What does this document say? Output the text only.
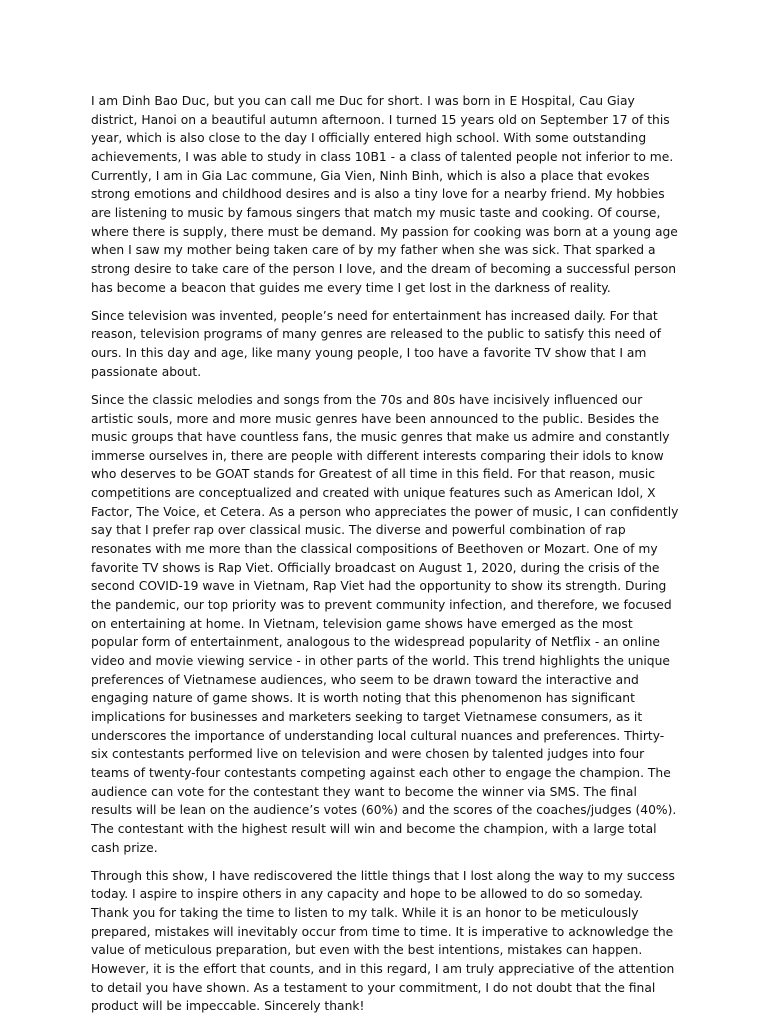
I am Dinh Bao Duc, but you can call me Duc for short. I was born in E Hospital, Cau Giay district, Hanoi on a beautiful autumn afternoon. I turned 15 years old on September 17 of this year, which is also close to the day I officially entered high school. With some outstanding achievements, I was able to study in class 10B1 - a class of talented people not inferior to me. Currently, I am in Gia Lac commune, Gia Vien, Ninh Binh, which is also a place that evokes strong emotions and childhood desires and is also a tiny love for a nearby friend. My hobbies are listening to music by famous singers that match my music taste and cooking. Of course, where there is supply, there must be demand. My passion for cooking was born at a young age when I saw my mother being taken care of by my father when she was sick. That sparked a strong desire to take care of the person I love, and the dream of becoming a successful person has become a beacon that guides me every time I get lost in the darkness of reality.

Since television was invented, people’s need for entertainment has increased daily. For that reason, television programs of many genres are released to the public to satisfy this need of ours. In this day and age, like many young people, I too have a favorite TV show that I am passionate about.

Since the classic melodies and songs from the 70s and 80s have incisively influenced our artistic souls, more and more music genres have been announced to the public. Besides the music groups that have countless fans, the music genres that make us admire and constantly immerse ourselves in, there are people with different interests comparing their idols to know who deserves to be GOAT stands for Greatest of all time in this field. For that reason, music competitions are conceptualized and created with unique features such as American Idol, X Factor, The Voice, et Cetera. As a person who appreciates the power of music, I can confidently say that I prefer rap over classical music. The diverse and powerful combination of rap resonates with me more than the classical compositions of Beethoven or Mozart. One of my favorite TV shows is Rap Viet. Officially broadcast on August 1, 2020, during the crisis of the second COVID-19 wave in Vietnam, Rap Viet had the opportunity to show its strength. During the pandemic, our top priority was to prevent community infection, and therefore, we focused on entertaining at home. In Vietnam, television game shows have emerged as the most popular form of entertainment, analogous to the widespread popularity of Netflix - an online video and movie viewing service - in other parts of the world. This trend highlights the unique preferences of Vietnamese audiences, who seem to be drawn toward the interactive and engaging nature of game shows. It is worth noting that this phenomenon has significant implications for businesses and marketers seeking to target Vietnamese consumers, as it underscores the importance of understanding local cultural nuances and preferences. Thirty-six contestants performed live on television and were chosen by talented judges into four teams of twenty-four contestants competing against each other to engage the champion. The audience can vote for the contestant they want to become the winner via SMS. The final results will be lean on the audience’s votes (60%) and the scores of the coaches/judges (40%). The contestant with the highest result will win and become the champion, with a large total cash prize.

Through this show, I have rediscovered the little things that I lost along the way to my success today. I aspire to inspire others in any capacity and hope to be allowed to do so someday. Thank you for taking the time to listen to my talk. While it is an honor to be meticulously prepared, mistakes will inevitably occur from time to time. It is imperative to acknowledge the value of meticulous preparation, but even with the best intentions, mistakes can happen. However, it is the effort that counts, and in this regard, I am truly appreciative of the attention to detail you have shown. As a testament to your commitment, I do not doubt that the final product will be impeccable. Sincerely thank!
